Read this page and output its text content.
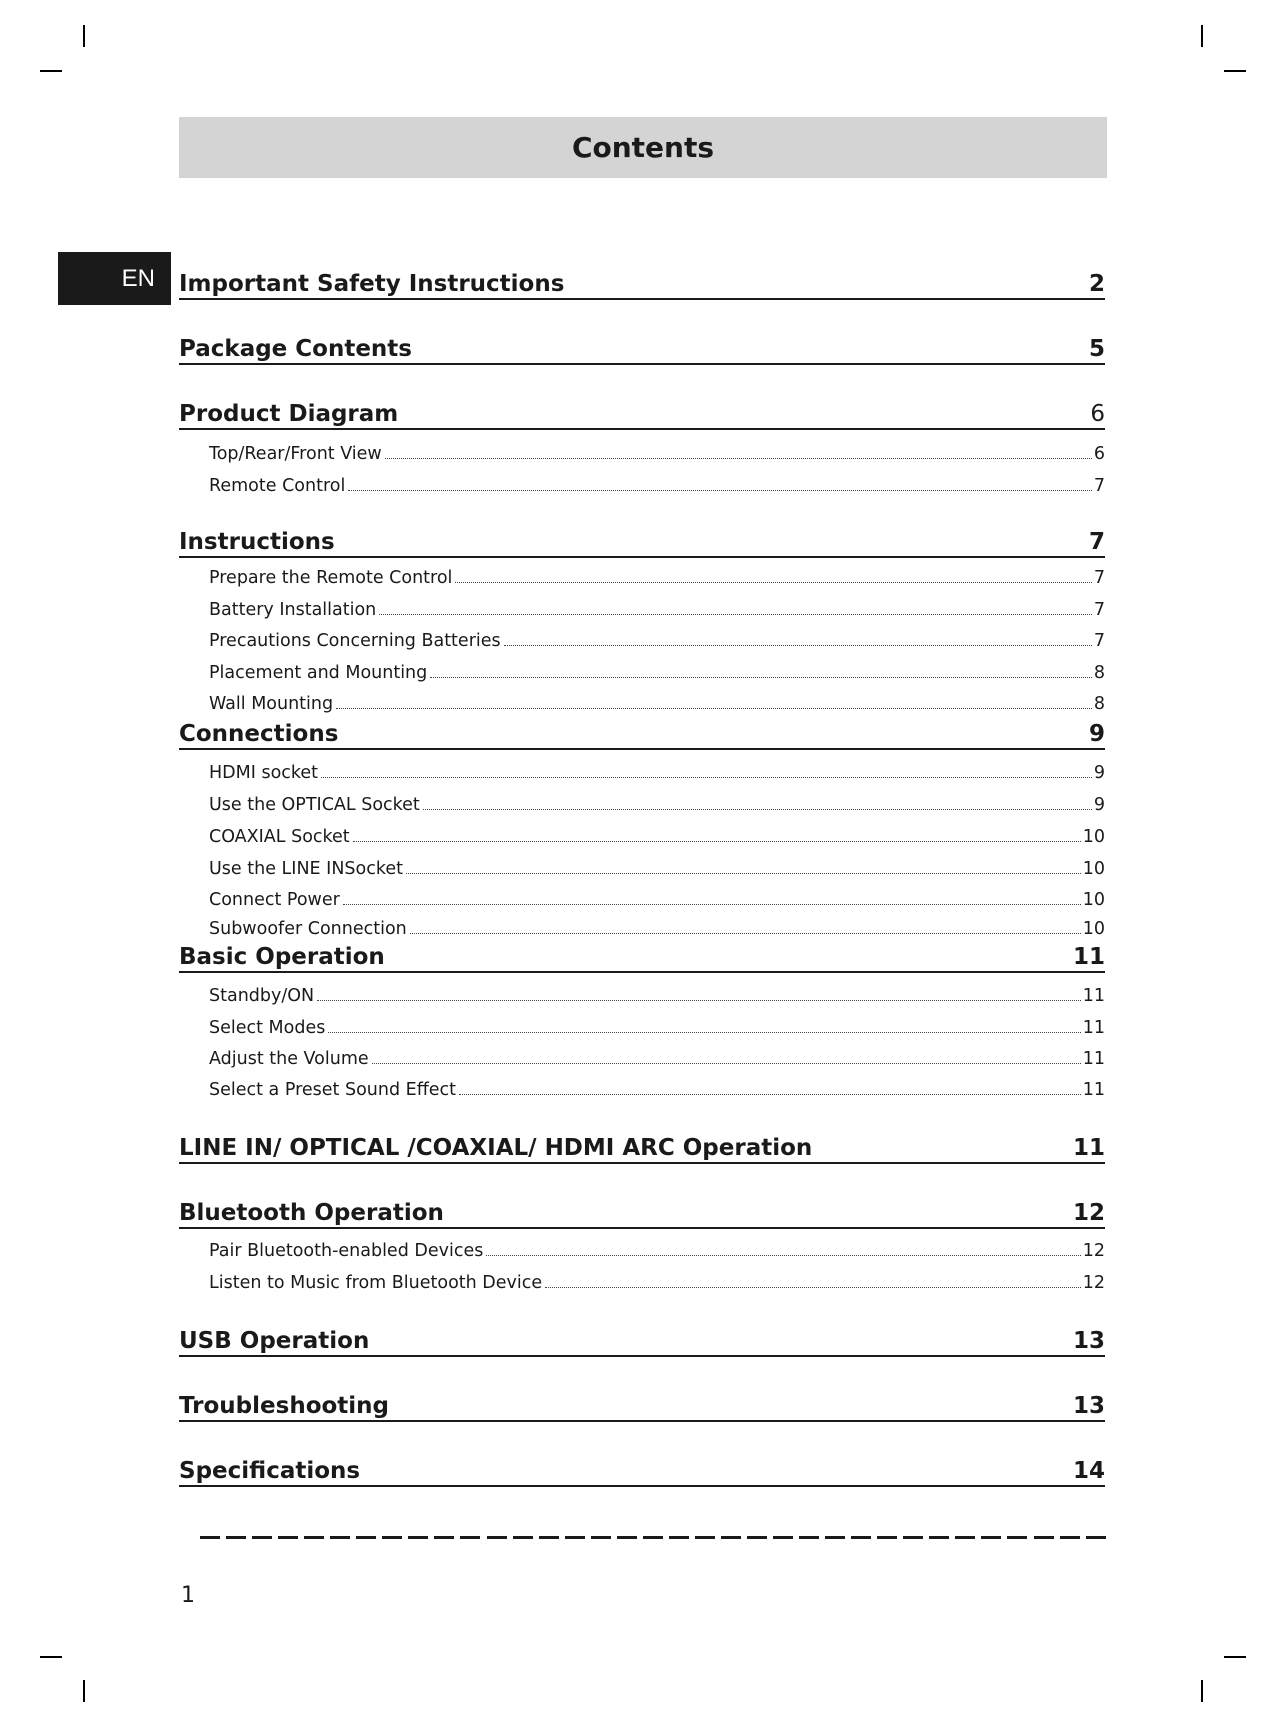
Contents
EN	Important Safety Instructions	2
Package Contents	5
Product Diagram	6
Top/Rear/Front View	6
Remote Control	7
Instructions	7
Prepare the Remote Control	7
Battery Installation	7
Precautions Concerning Batteries	7
Placement and Mounting	8
Wall Mounting	8
Connections	9
HDMI socket	9
Use the OPTICAL Socket	9
COAXIAL Socket	10
Use the LINE INSocket	10
Connect Power	10
Subwoofer Connection	10
Basic Operation	11
Standby/ON	11
Select Modes	11
Adjust the Volume	11
Select a Preset Sound Effect	11
LINE IN/ OPTICAL /COAXIAL/ HDMI ARC Operation	11
Bluetooth Operation	12
Pair Bluetooth-enabled Devices	12
Listen to Music from Bluetooth Device	12
USB Operation	13
Troubleshooting	13
Specifications	14
1
